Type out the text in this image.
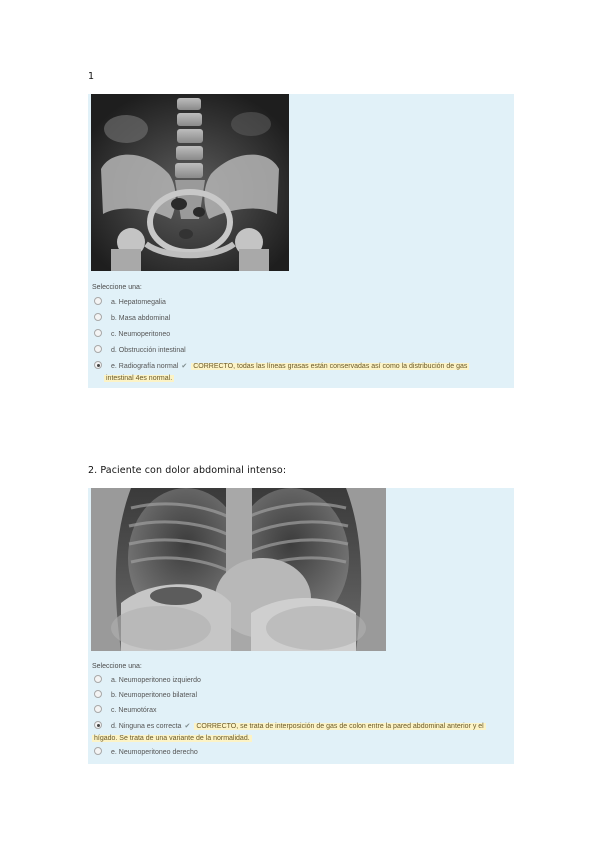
1
Seleccione una:
a. Hepatomegalia
b. Masa abdominal
c. Neumoperitoneo
d. Obstrucción intestinal
e. Radiografía normal ✔ CORRECTO, todas las líneas grasas están conservadas así como la distribución de gas
intestinal 4es normal.
2. Paciente con dolor abdominal intenso:
Seleccione una:
a. Neumoperitoneo izquierdo
b. Neumoperitoneo bilateral
c. Neumotórax
d. Ninguna es correcta ✔ CORRECTO, se trata de interposición de gas de colon entre la pared abdominal anterior y el
hígado. Se trata de una variante de la normalidad.
e. Neumoperitoneo derecho
